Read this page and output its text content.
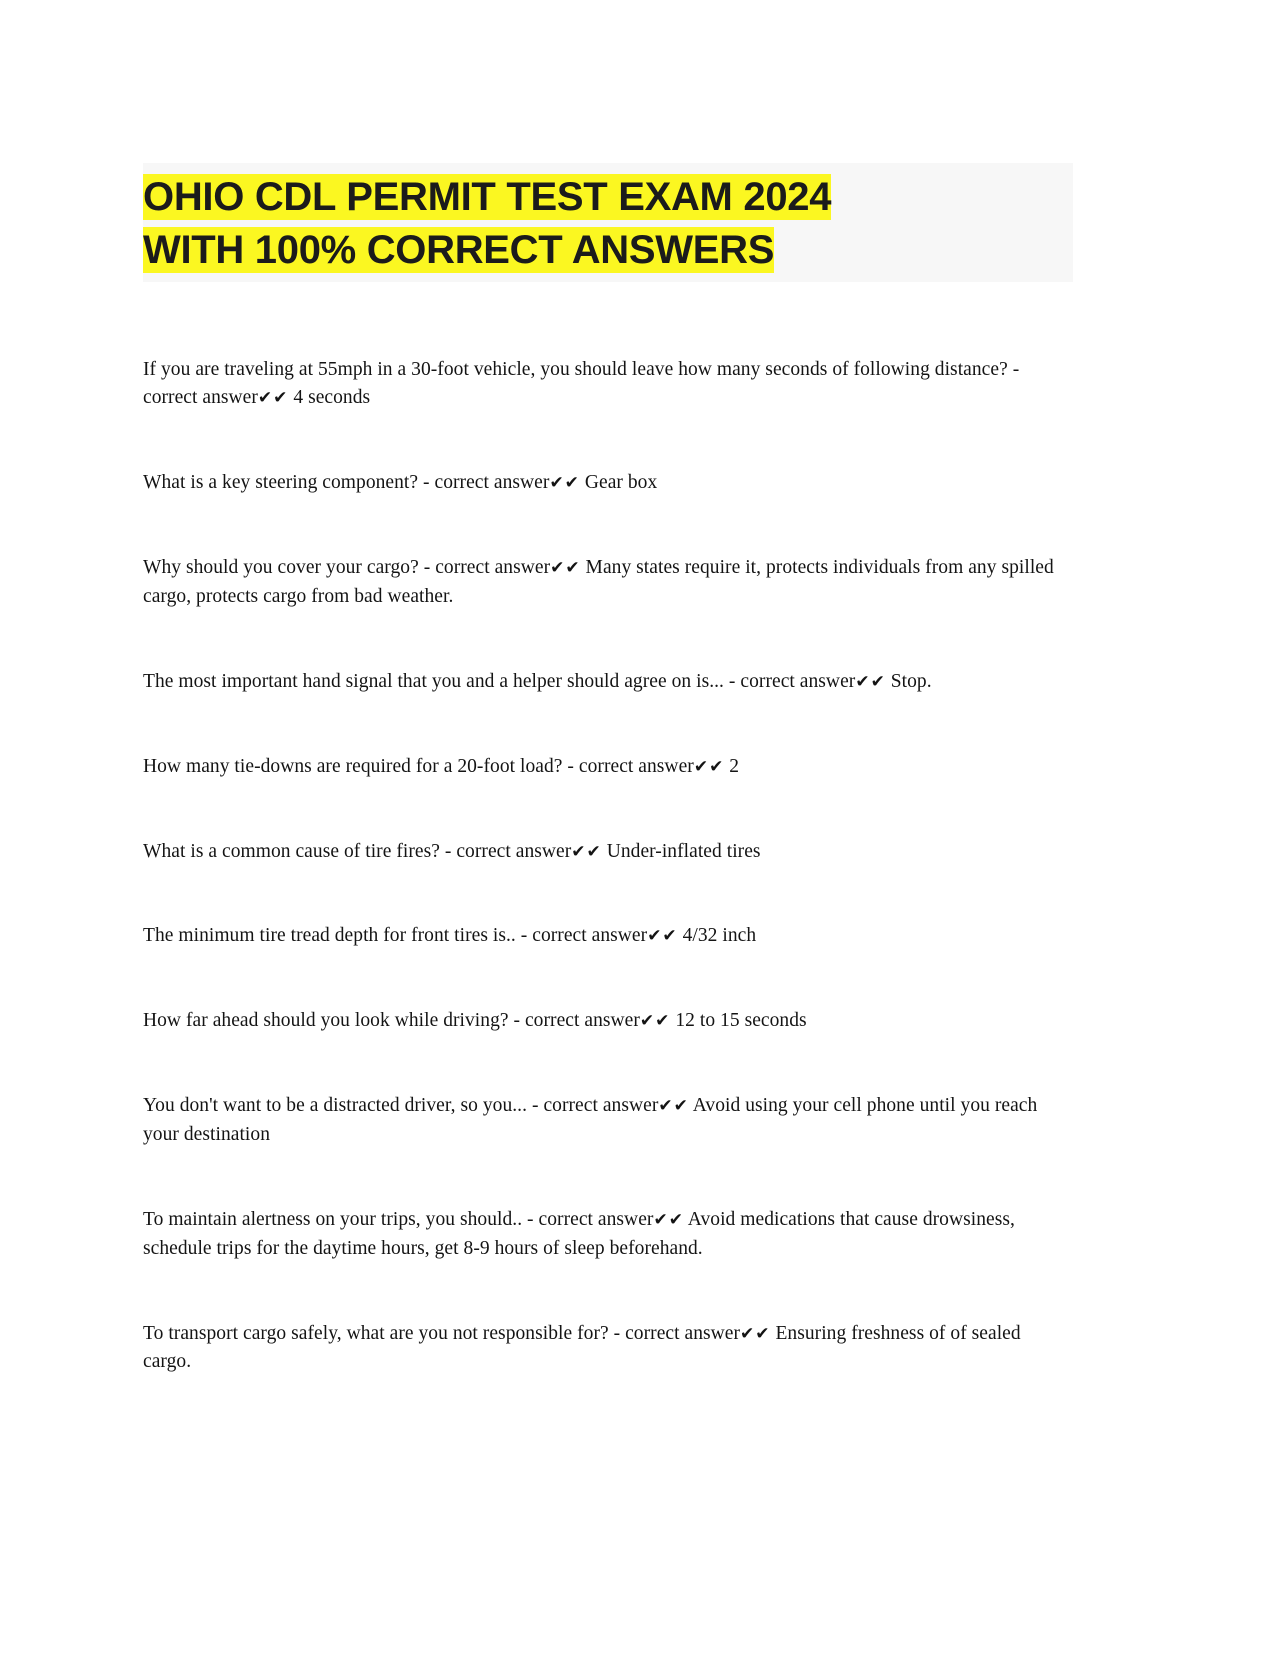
OHIO CDL PERMIT TEST EXAM 2024
WITH 100% CORRECT ANSWERS

If you are traveling at 55mph in a 30-foot vehicle, you should leave how many seconds of following distance? - correct answer✔✔ 4 seconds

What is a key steering component? - correct answer✔✔ Gear box

Why should you cover your cargo? - correct answer✔✔ Many states require it, protects individuals from any spilled cargo, protects cargo from bad weather.

The most important hand signal that you and a helper should agree on is... - correct answer✔✔ Stop.

How many tie-downs are required for a 20-foot load? - correct answer✔✔ 2

What is a common cause of tire fires? - correct answer✔✔ Under-inflated tires

The minimum tire tread depth for front tires is.. - correct answer✔✔ 4/32 inch

How far ahead should you look while driving? - correct answer✔✔ 12 to 15 seconds

You don't want to be a distracted driver, so you... - correct answer✔✔ Avoid using your cell phone until you reach your destination

To maintain alertness on your trips, you should.. - correct answer✔✔ Avoid medications that cause drowsiness, schedule trips for the daytime hours, get 8-9 hours of sleep beforehand.

To transport cargo safely, what are you not responsible for? - correct answer✔✔ Ensuring freshness of of sealed cargo.
